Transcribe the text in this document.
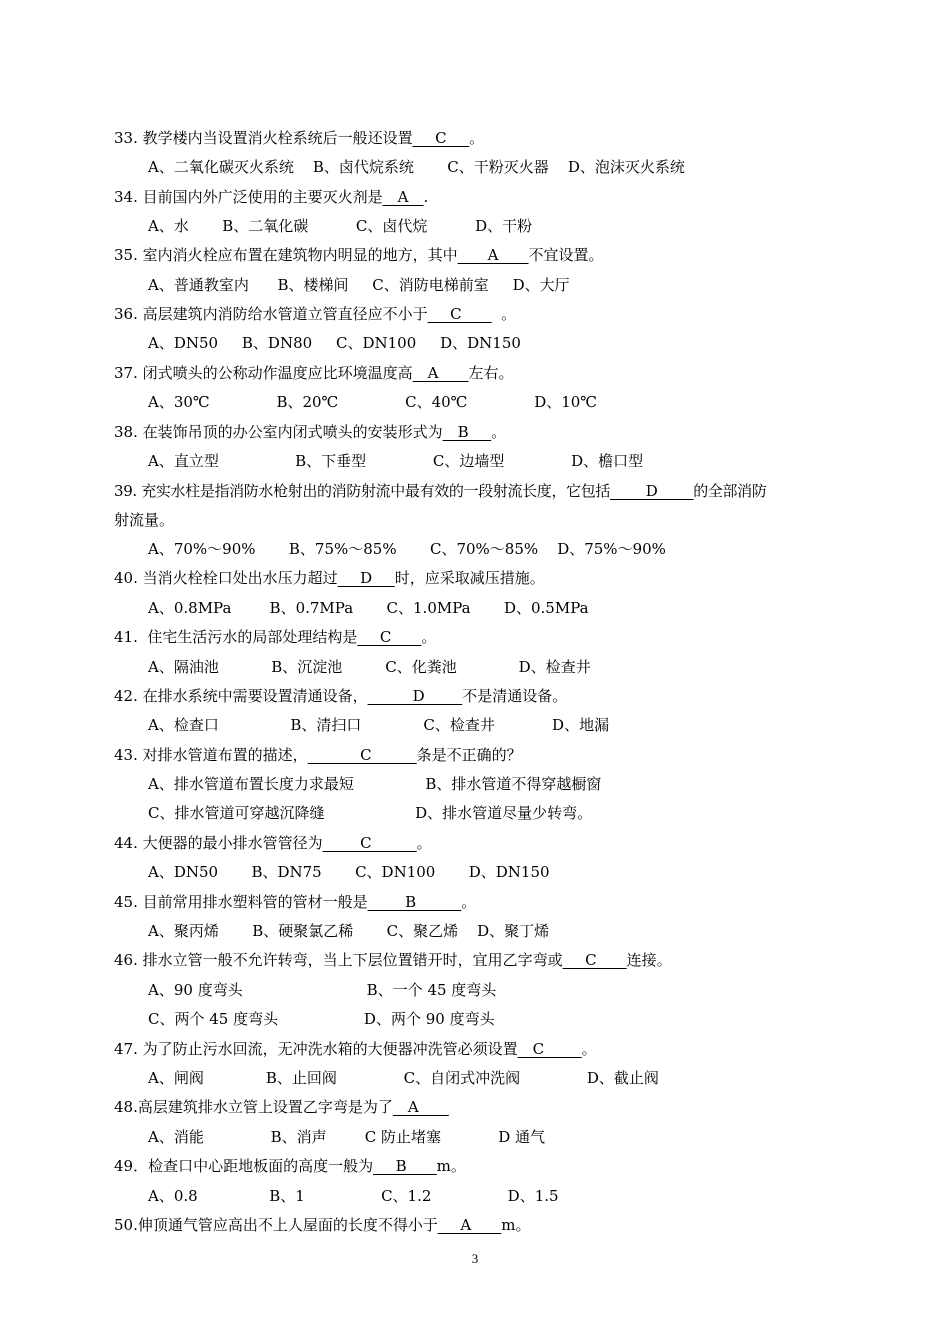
33. 教学楼内当设置消火栓系统后一般还设置___C___。
A、二氧化碳灭火系统    B、卤代烷系统       C、干粉灭火器    D、泡沫灭火系统
34. 目前国内外广泛使用的主要灭火剂是__A__.
A、水       B、二氧化碳          C、卤代烷          D、干粉
35. 室内消火栓应布置在建筑物内明显的地方，其中____A____不宜设置。
A、普通教室内      B、楼梯间     C、消防电梯前室     D、大厅
36. 高层建筑内消防给水管道立管直径应不小于___C____  。
A、DN50     B、DN80     C、DN100     D、DN150
37. 闭式喷头的公称动作温度应比环境温度高__A____左右。
A、30℃              B、20℃              C、40℃              D、10℃
38. 在装饰吊顶的办公室内闭式喷头的安装形式为__B___。
A、直立型                B、下垂型              C、边墙型              D、檐口型
39. 充实水柱是指消防水枪射出的消防射流中最有效的一段射流长度，它包括_____D_____的全部消防
射流量。
A、70%～90%       B、75%～85%       C、70%～85%    D、75%～90%
40. 当消火栓栓口处出水压力超过___D___时，应采取减压措施。
A、0.8MPa        B、0.7MPa       C、1.0MPa       D、0.5MPa
41.  住宅生活污水的局部处理结构是___C____。
A、隔油池           B、沉淀池         C、化粪池             D、检查井
42. 在排水系统中需要设置清通设备，______D_____不是清通设备。
A、检查口               B、清扫口             C、检查井            D、地漏
43. 对排水管道布置的描述，_______C______条是不正确的？
A、排水管道布置长度力求最短               B、排水管道不得穿越橱窗
C、排水管道可穿越沉降缝                   D、排水管道尽量少转弯。
44. 大便器的最小排水管管径为_____C______。
A、DN50       B、DN75       C、DN100       D、DN150
45. 目前常用排水塑料管的管材一般是_____B______。
A、聚丙烯       B、硬聚氯乙稀       C、聚乙烯    D、聚丁烯
46. 排水立管一般不允许转弯，当上下层位置错开时，宜用乙字弯或___C____连接。
A、90 度弯头                          B、一个 45 度弯头
C、两个 45 度弯头                  D、两个 90 度弯头
47. 为了防止污水回流，无冲洗水箱的大便器冲洗管必须设置__C_____。
A、闸阀             B、止回阀              C、自闭式冲洗阀              D、截止阀
48.高层建筑排水立管上设置乙字弯是为了__A____
A、消能              B、消声        C 防止堵塞            D 通气
49．检查口中心距地板面的高度一般为___B____m。
A、0.8               B、1                C、1.2                D、1.5
50.伸顶通气管应高出不上人屋面的长度不得小于___A____m。
3
